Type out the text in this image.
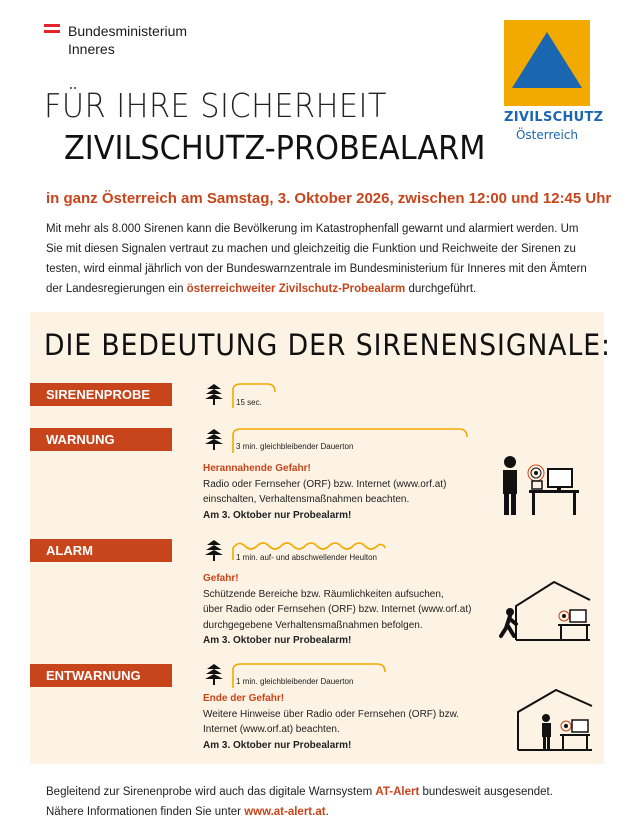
Bundesministerium
Inneres
ZIVILSCHUTZ
Österreich
FÜR IHRE SICHERHEIT
ZIVILSCHUTZ-PROBEALARM
in ganz Österreich am Samstag, 3. Oktober 2026, zwischen 12:00 und 12:45 Uhr
Mit mehr als 8.000 Sirenen kann die Bevölkerung im Katastrophenfall gewarnt und alarmiert werden. Um Sie mit diesen Signalen vertraut zu machen und gleichzeitig die Funktion und Reichweite der Sirenen zu testen, wird einmal jährlich von der Bundeswarnzentrale im Bundesministerium für Inneres mit den Ämtern der Landesregierungen ein österreichweiter Zivilschutz-Probealarm durchgeführt.
DIE BEDEUTUNG DER SIRENENSIGNALE:
SIRENENPROBE
15 sec.
WARNUNG	3 min. gleichbleibender Dauerton
Herannahende Gefahr!
Radio oder Fernseher (ORF) bzw. Internet (www.orf.at)
einschalten, Verhaltensmaßnahmen beachten.
Am 3. Oktober nur Probealarm!
ALARM	1 min. auf- und abschwellender Heulton
Gefahr!
Schützende Bereiche bzw. Räumlichkeiten aufsuchen,
über Radio oder Fernsehen (ORF) bzw. Internet (www.orf.at)
durchgegebene Verhaltensmaßnahmen befolgen.
Am 3. Oktober nur Probealarm!
ENTWARNUNG	1 min. gleichbleibender Dauerton
Ende der Gefahr!
Weitere Hinweise über Radio oder Fernsehen (ORF) bzw.
Internet (www.orf.at) beachten.
Am 3. Oktober nur Probealarm!
Begleitend zur Sirenenprobe wird auch das digitale Warnsystem AT-Alert bundesweit ausgesendet.
Nähere Informationen finden Sie unter www.at-alert.at.
